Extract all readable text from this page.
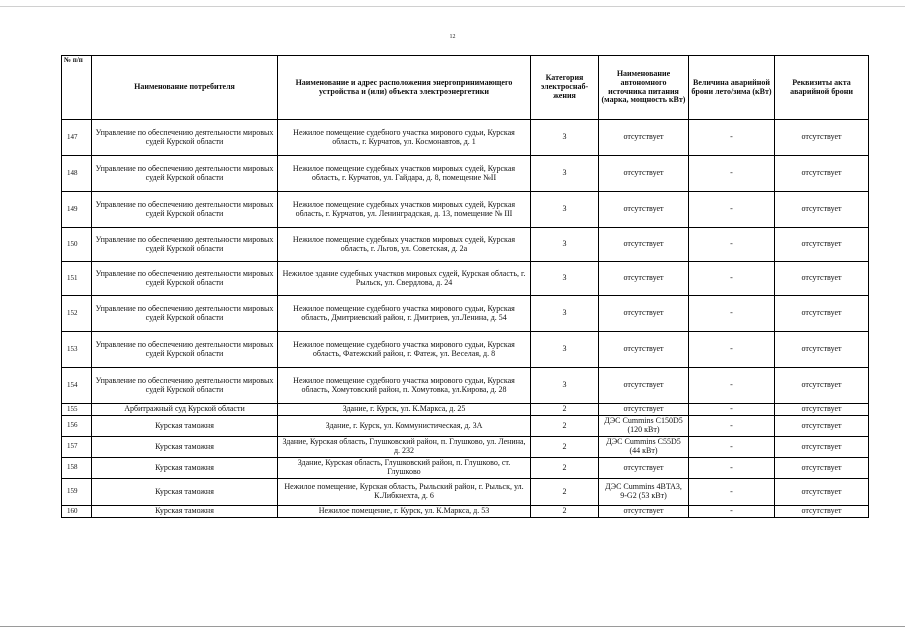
12
№ п/п	Наименование потребителя	Наименование и адрес расположения энергопринимающего устройства и (или) объекта электроэнергетики	Категория электроснаб-жения	Наименование автономного источника питания (марка, мощность кВт)	Величина аварийной брони лето/зима (кВт)	Реквизиты акта аварийной брони
147	Управление по обеспечению деятельности мировых судей Курской области	Нежилое помещение судебного участка мирового судьи, Курская область, г. Курчатов, ул. Космонавтов, д. 1	3	отсутствует	-	отсутствует
148	Управление по обеспечению деятельности мировых судей Курской области	Нежилое помещение судебных участков мировых судей, Курская область, г. Курчатов, ул. Гайдара, д. 8, помещение №II	3	отсутствует	-	отсутствует
149	Управление по обеспечению деятельности мировых судей Курской области	Нежилое помещение судебных участков мировых судей, Курская область, г. Курчатов, ул. Ленинградская, д. 13, помещение № III	3	отсутствует	-	отсутствует
150	Управление по обеспечению деятельности мировых судей Курской области	Нежилое помещение судебных участков мировых судей, Курская область, г. Льгов, ул. Советская, д. 2а	3	отсутствует	-	отсутствует
151	Управление по обеспечению деятельности мировых судей Курской области	Нежилое здание судебных участков мировых судей, Курская область, г. Рыльск, ул. Свердлова, д. 24	3	отсутствует	-	отсутствует
152	Управление по обеспечению деятельности мировых судей Курской области	Нежилое помещение судебного участка мирового судьи, Курская область, Дмитриевский район, г. Дмитриев, ул.Ленина, д. 54	3	отсутствует	-	отсутствует
153	Управление по обеспечению деятельности мировых судей Курской области	Нежилое помещение судебного участка мирового судьи, Курская область, Фатежский район, г. Фатеж, ул. Веселая, д. 8	3	отсутствует	-	отсутствует
154	Управление по обеспечению деятельности мировых судей Курской области	Нежилое помещение судебного участка мирового судьи, Курская область, Хомутовский район, п. Хомутовка, ул.Кирова, д. 28	3	отсутствует	-	отсутствует
155	Арбитражный суд Курской области	Здание, г. Курск, ул. К.Маркса, д. 25	2	отсутствует	-	отсутствует
156	Курская таможня	Здание, г. Курск, ул. Коммунистическая, д. 3А	2	ДЭС Cummins C150D5 (120 кВт)	-	отсутствует
157	Курская таможня	Здание, Курская область, Глушковский район, п. Глушково, ул. Ленина, д. 232	2	ДЭС Cummins C55D5 (44 кВт)	-	отсутствует
158	Курская таможня	Здание, Курская область, Глушковский район, п. Глушково, ст. Глушково	2	отсутствует	-	отсутствует
159	Курская таможня	Нежилое помещение, Курская область, Рыльский район, г. Рыльск, ул. К.Либкнехта, д. 6	2	ДЭС Cummins 4BTA3, 9-G2 (53 кВт)	-	отсутствует
160	Курская таможня	Нежилое помещение, г. Курск, ул. К.Маркса, д. 53	2	отсутствует	-	отсутствует
